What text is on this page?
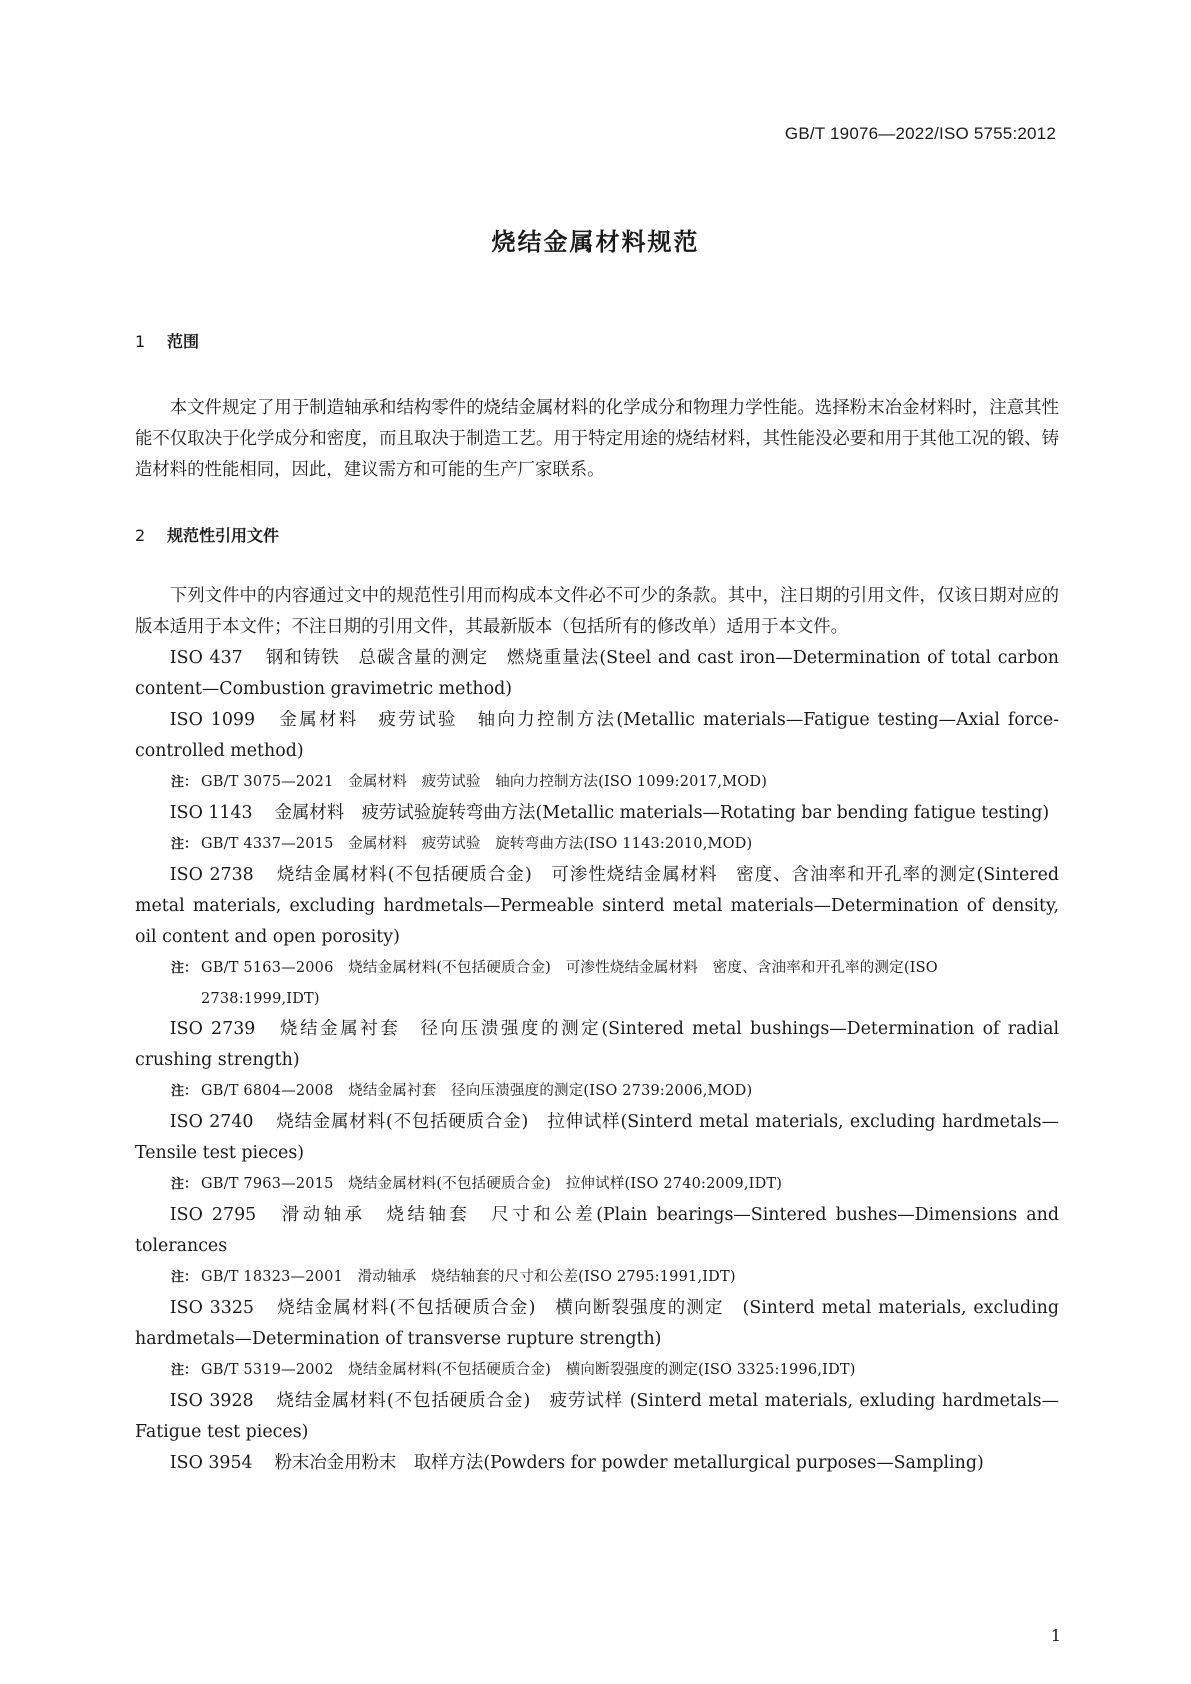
GB/T 19076—2022/ISO 5755:2012
烧结金属材料规范

1 范围

本文件规定了用于制造轴承和结构零件的烧结金属材料的化学成分和物理力学性能。选择粉末冶金材料时，注意其性能不仅取决于化学成分和密度，而且取决于制造工艺。用于特定用途的烧结材料，其性能没必要和用于其他工况的锻、铸造材料的性能相同，因此，建议需方和可能的生产厂家联系。

2 规范性引用文件

下列文件中的内容通过文中的规范性引用而构成本文件必不可少的条款。其中，注日期的引用文件，仅该日期对应的版本适用于本文件；不注日期的引用文件，其最新版本（包括所有的修改单）适用于本文件。

ISO 437 钢和铸铁　总碳含量的测定　燃烧重量法(Steel and cast iron—Determination of total carbon content—Combustion gravimetric method)

ISO 1099 金属材料　疲劳试验　轴向力控制方法(Metallic materials—Fatigue testing—Axial force-controlled method)

注： GB/T 3075—2021　金属材料　疲劳试验　轴向力控制方法(ISO 1099:2017,MOD)

ISO 1143 金属材料　疲劳试验旋转弯曲方法(Metallic materials—Rotating bar bending fatigue testing)

注： GB/T 4337—2015　金属材料　疲劳试验　旋转弯曲方法(ISO 1143:2010,MOD)

ISO 2738 烧结金属材料(不包括硬质合金)　可渗性烧结金属材料　密度、含油率和开孔率的测定(Sintered metal materials, excluding hardmetals—Permeable sinterd metal materials—Determination of density, oil content and open porosity)

注： GB/T 5163—2006　烧结金属材料(不包括硬质合金)　可渗性烧结金属材料　密度、含油率和开孔率的测定(ISO 2738:1999,IDT)

ISO 2739 烧结金属衬套　径向压溃强度的测定(Sintered metal bushings—Determination of radial crushing strength)

注： GB/T 6804—2008　烧结金属衬套　径向压溃强度的测定(ISO 2739:2006,MOD)

ISO 2740 烧结金属材料(不包括硬质合金)　拉伸试样(Sinterd metal materials, excluding hardmetals—Tensile test pieces)

注： GB/T 7963—2015　烧结金属材料(不包括硬质合金)　拉伸试样(ISO 2740:2009,IDT)

ISO 2795 滑动轴承　烧结轴套　尺寸和公差(Plain bearings—Sintered bushes—Dimensions and tolerances

注： GB/T 18323—2001　滑动轴承　烧结轴套的尺寸和公差(ISO 2795:1991,IDT)

ISO 3325 烧结金属材料(不包括硬质合金)　横向断裂强度的测定　(Sinterd metal materials, excluding hardmetals—Determination of transverse rupture strength)

注： GB/T 5319—2002　烧结金属材料(不包括硬质合金)　横向断裂强度的测定(ISO 3325:1996,IDT)

ISO 3928 烧结金属材料(不包括硬质合金)　疲劳试样 (Sinterd metal materials, exluding hardmetals—Fatigue test pieces)

ISO 3954 粉末冶金用粉末　取样方法(Powders for powder metallurgical purposes—Sampling)

1
